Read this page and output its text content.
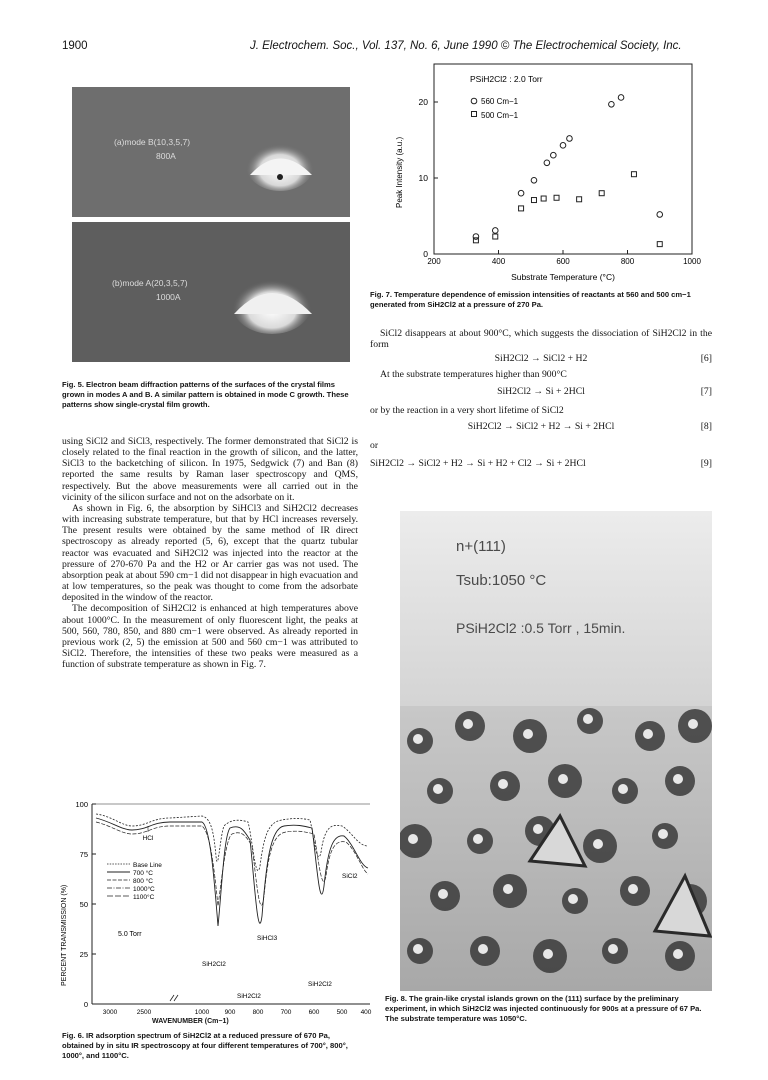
1900	J. Electrochem. Soc., Vol. 137, No. 6, June 1990 © The Electrochemical Society, Inc.
(a)mode B(10,3,5,7)
800A
(b)mode A(20,3,5,7)
1000A
Fig. 5. Electron beam diffraction patterns of the surfaces of the crystal films grown in modes A and B. A similar pattern is obtained in mode C growth. These patterns show single-crystal film growth.

using SiCl2 and SiCl3, respectively. The former demonstrated that SiCl2 is closely related to the final reaction in the growth of silicon, and the latter, SiCl3 to the backetching of silicon. In 1975, Sedgwick (7) and Ban (8) reported the same results by Raman laser spectroscopy and QMS, respectively. But the above measurements were all carried out in the vicinity of the silicon surface and not on the adsorbate on it.

As shown in Fig. 6, the absorption by SiHCl3 and SiH2Cl2 decreases with increasing substrate temperature, but that by HCl increases reversely. The present results were obtained by the same method of IR direct spectroscopy as already reported (5, 6), except that the quartz tubular reactor was evacuated and SiH2Cl2 was injected into the reactor at the pressure of 270-670 Pa and the H2 or Ar carrier gas was not used. The absorption peak at about 590 cm−1 did not disappear in high evacuation and at low temperatures, so the peak was thought to come from the adsorbate deposited in the window of the reactor.

The decomposition of SiH2Cl2 is enhanced at high temperatures above about 1000°C. In the measurement of only fluorescent light, the peaks at 500, 560, 780, 850, and 880 cm−1 were observed. As already reported in previous work (2, 5) the emission at 500 and 560 cm−1 was attributed to SiCl2. Therefore, the intensities of these two peaks were measured as a function of substrate temperature as shown in Fig. 7.

100
75
50
25
0
PERCENT TRANSMISSION (%)
3000	2500	1000 900	800	700	600	500 400
HCl
SiCl2
SiHCl3
SiH2Cl2
SiH2Cl2
SiH2Cl2
Base Line
700 °C
800 °C
1000°C
1100°C
5.0 Torr
WAVENUMBER (Cm−1)
Fig. 6. IR adsorption spectrum of SiH2Cl2 at a reduced pressure of 670 Pa, obtained by in situ IR spectroscopy at four different temperatures of 700°, 800°, 1000°, and 1100°C.
PSiH2Cl2 : 2.0 Torr
Peak Intensity (a.u.)
Substrate Temperature (°C)
560 Cm−1
500 Cm−1
200	400	600	800	1000
0
10
20
Fig. 7. Temperature dependence of emission intensities of reactants at 560 and 500 cm−1 generated from SiH2Cl2 at a pressure of 270 Pa.

SiCl2 disappears at about 900°C, which suggests the dissociation of SiH2Cl2 in the form

SiH2Cl2 → SiCl2 + H2	[6]

At the substrate temperatures higher than 900°C

SiH2Cl2 → Si + 2HCl	[7]

or by the reaction in a very short lifetime of SiCl2

SiH2Cl2 → SiCl2 + H2 → Si + 2HCl	[8]
or
SiH2Cl2 → SiCl2 + H2 → Si + H2 + Cl2 → Si + 2HCl	[9]
n+(111)
Tsub:1050 °C
PSiH2Cl2 :0.5 Torr , 15min.
Fig. 8. The grain-like crystal islands grown on the (111) surface by the preliminary experiment, in which SiH2Cl2 was injected continuously for 900s at a pressure of 67 Pa. The substrate temperature was 1050°C.
